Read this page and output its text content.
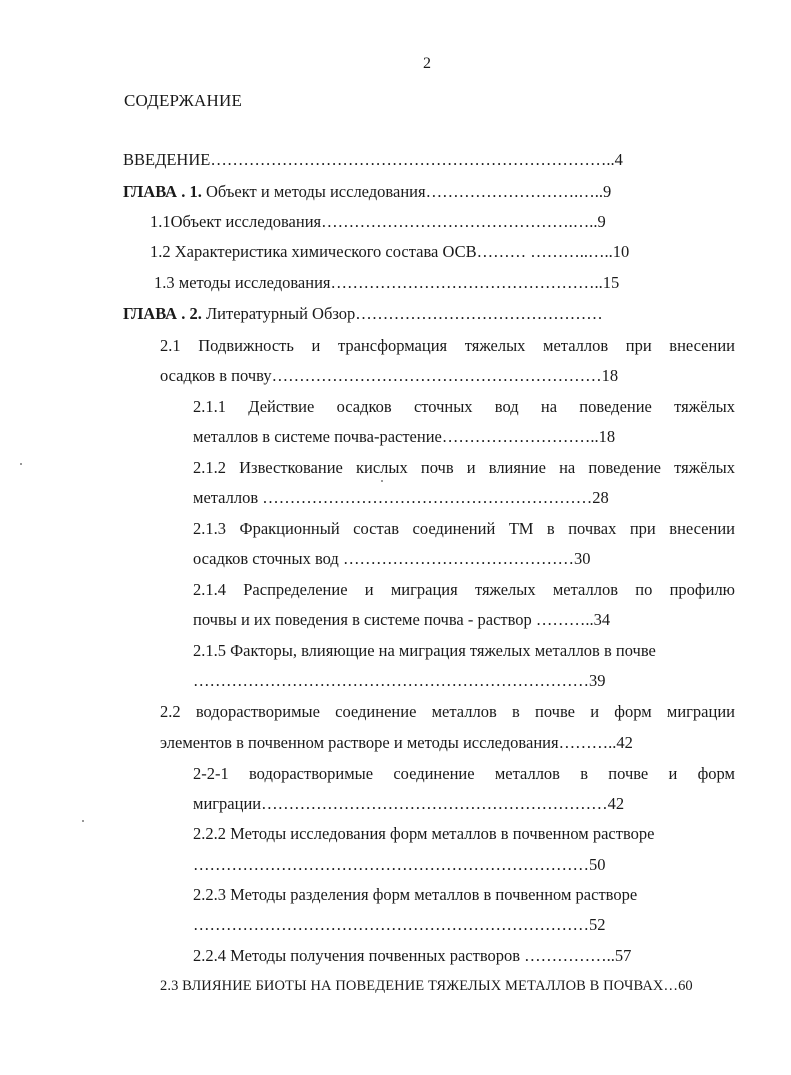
2
СОДЕРЖАНИЕ
ВВЕДЕНИЕ………………………………………………………………..4
ГЛАВА . 1. Объект и методы исследования……………………….…..9
1.1Объект исследования……………………………………….…..9
1.2 Характеристика химического состава ОСВ……… ………..…..10
1.3 методы исследования…………………………………………..15
ГЛАВА . 2. Литературный Обзор………………………………………
2.1 Подвижность и трансформация тяжелых металлов при внесении
осадков в почву……………………………………………………18
2.1.1 Действие осадков сточных вод на поведение тяжёлых
металлов в системе почва-растение………………………..18
2.1.2 Известкование кислых почв и влияние на поведение тяжёлых
металлов ……………………………………………………28
2.1.3 Фракционный состав соединений ТМ в почвах при внесении
осадков сточных вод ……………………………………30
2.1.4 Распределение и миграция тяжелых металлов по профилю
почвы и их поведения в системе почва - раствор ………..34
2.1.5 Факторы, влияющие на миграция тяжелых металлов в почве
………………………………………………………………39
2.2 водорастворимые соединение металлов в почве и форм миграции
элементов в почвенном растворе и методы исследования………..42
2-2-1 водорастворимые соединение металлов в почве и форм
миграции………………………………………………………42
2.2.2 Методы исследования форм металлов в почвенном растворе
………………………………………………………………50
2.2.3 Методы разделения форм металлов в почвенном растворе
………………………………………………………………52
2.2.4 Методы получения почвенных растворов ……………..57
2.3 ВЛИЯНИЕ БИОТЫ НА ПОВЕДЕНИЕ ТЯЖЕЛЫХ МЕТАЛЛОВ В ПОЧВАХ…60
